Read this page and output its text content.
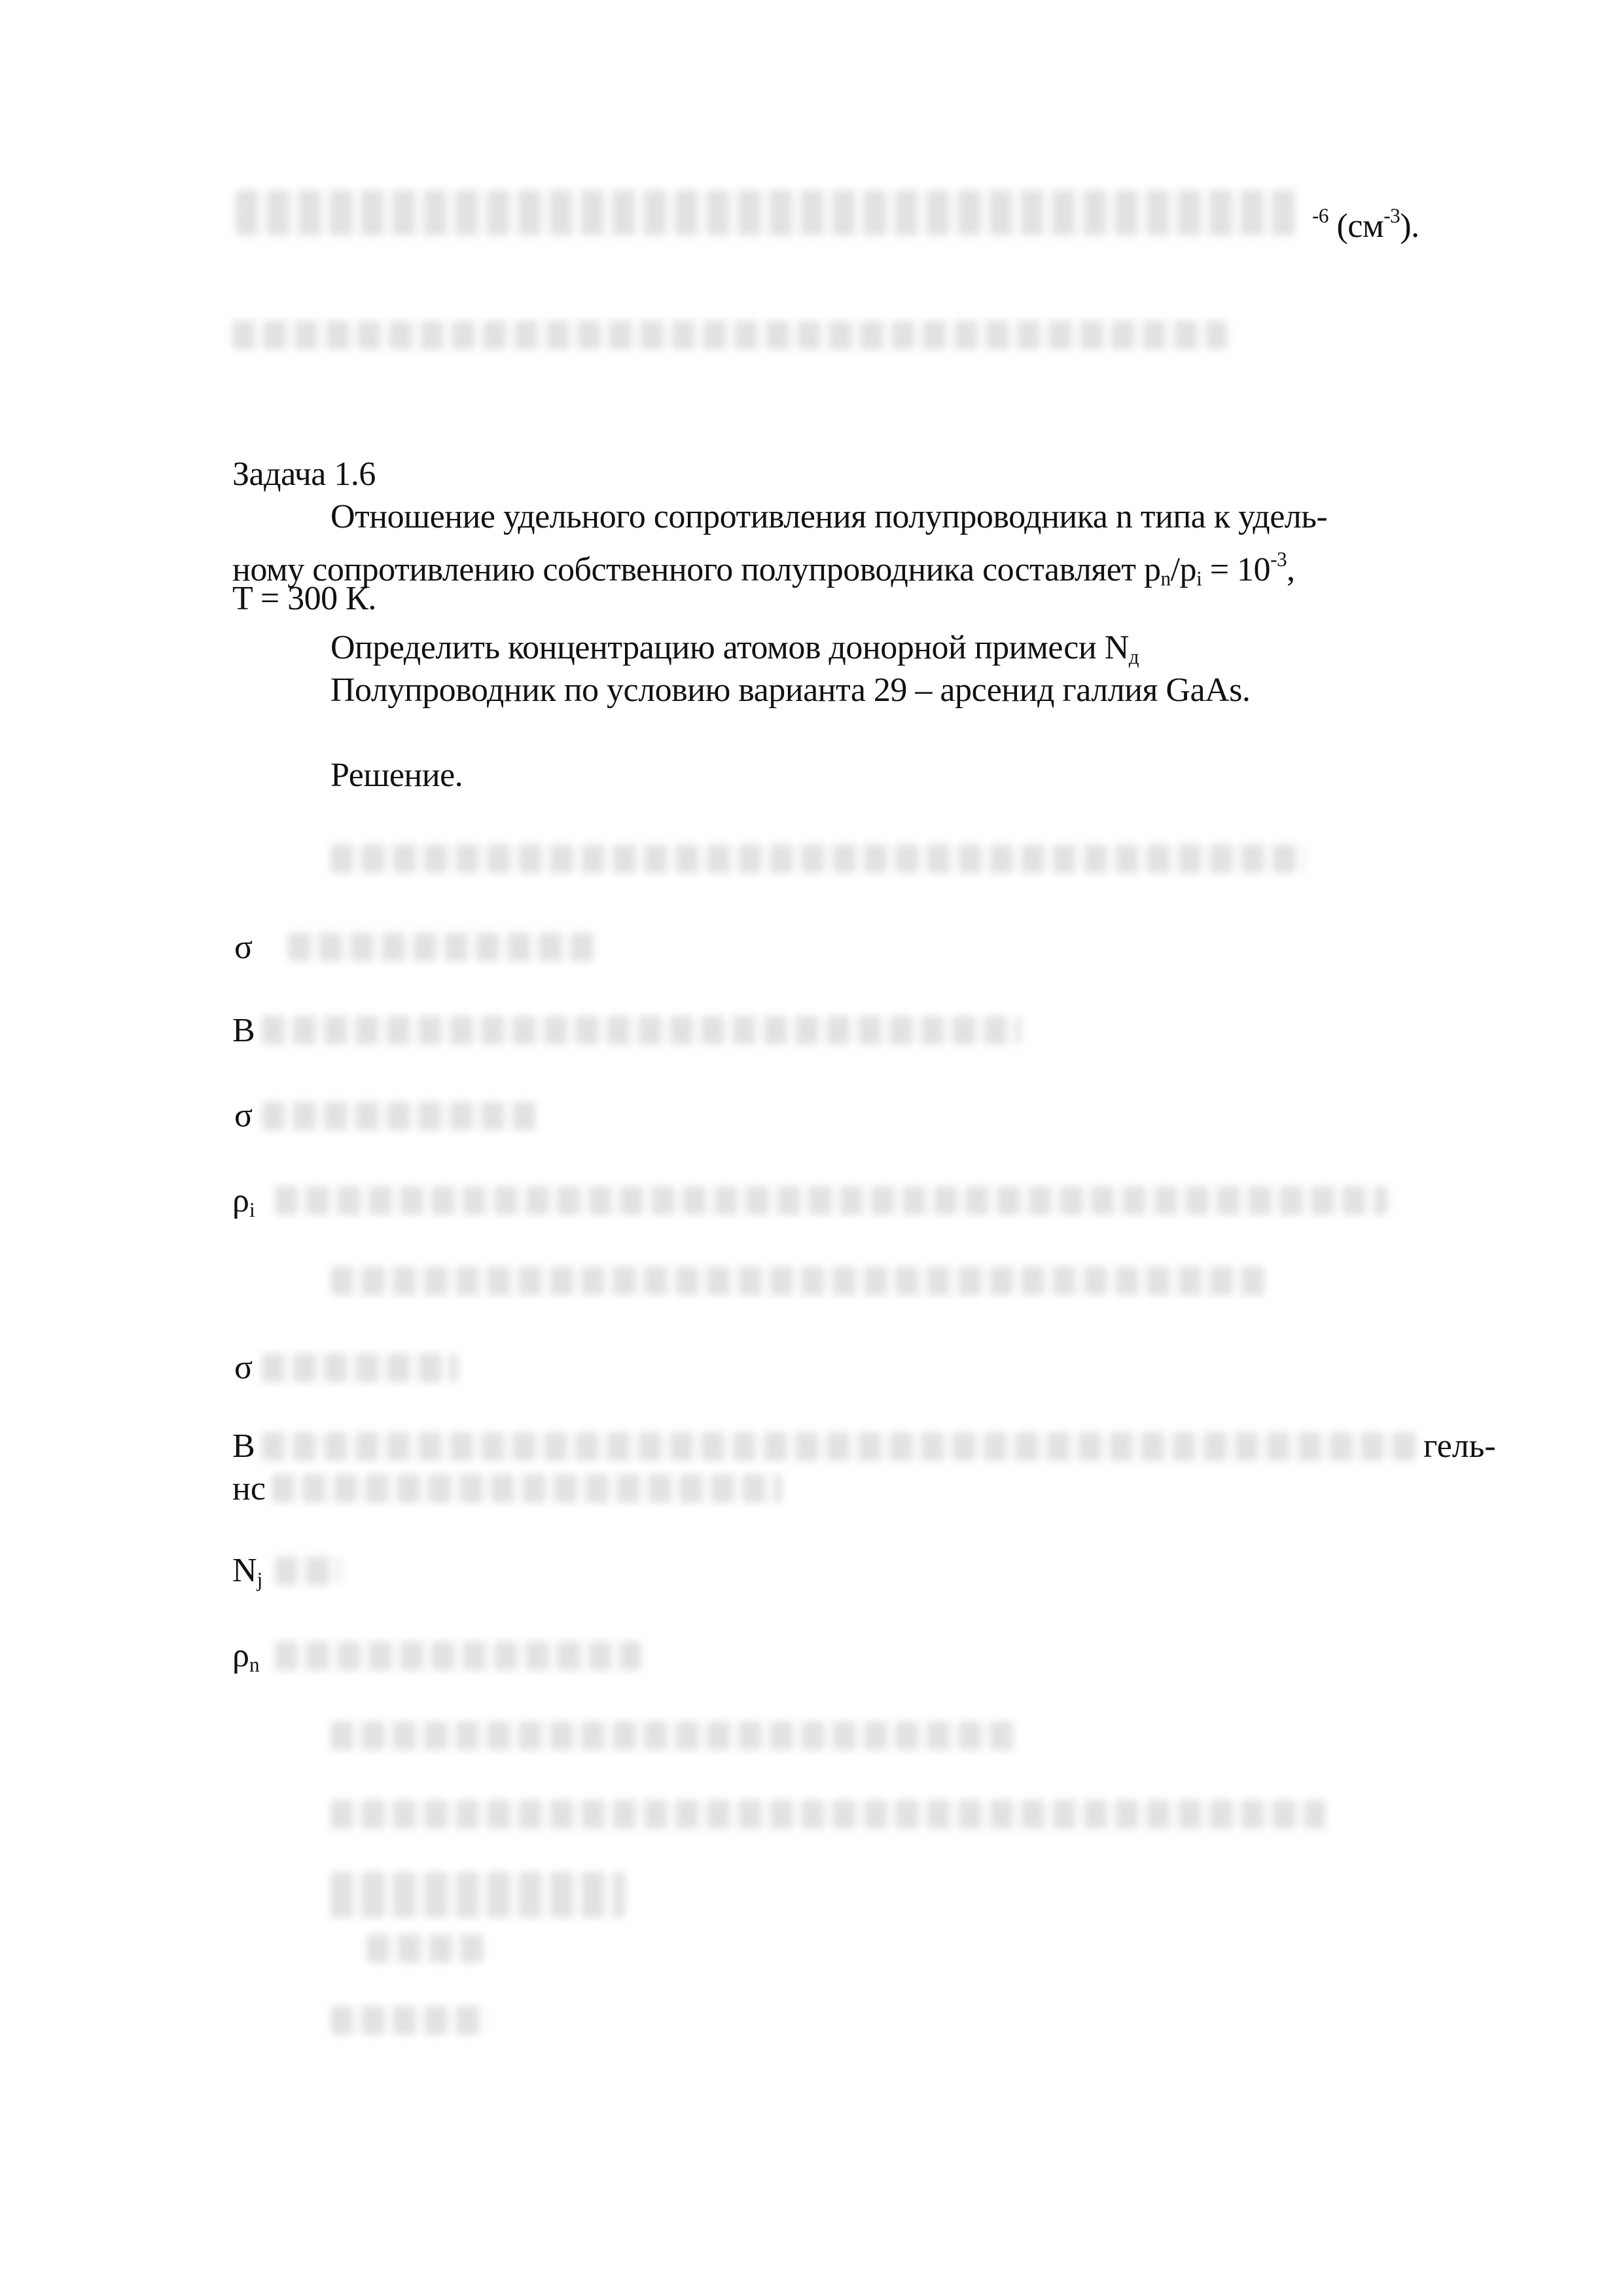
$^{-6}$ $(см^{-3})$.
Задача 1.6
Отношение удельного сопротивления полупроводника n типа к удель-
ному сопротивлению собственного полупроводника составляет $p_n/p_i = 10^{-3}$,
T = 300 К.
Определить концентрацию атомов донорной примеси $N_д$
Полупроводник по условию варианта 29 – арсенид галлия GaAs.
Решение.
σ
В
σ
$\rho_i$
σ
В	гель-
нс
$N_j$
$\rho_n$
